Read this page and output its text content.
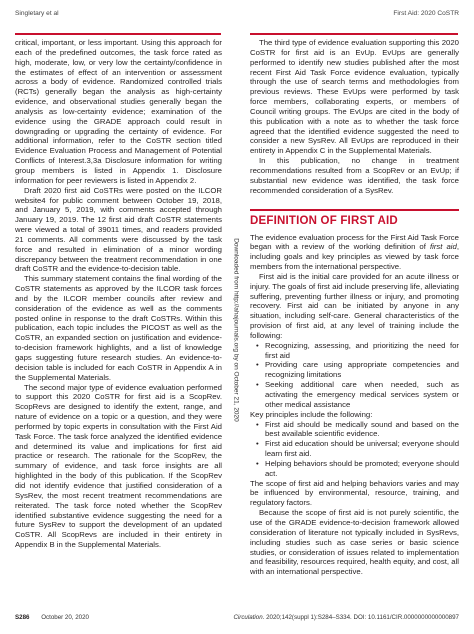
Singletary et al	First Aid: 2020 CoSTR

critical, important, or less important. Using this approach for each of the predefined outcomes, the task force rated as high, moderate, low, or very low the certainty/confidence in the estimates of effect of an intervention or assessment across a body of evidence. Randomized controlled trials (RCTs) generally began the analysis as high-certainty evidence, and observational studies generally began the analysis as low-certainty evidence; examination of the evidence using the GRADE approach could result in downgrading or upgrading the certainty of evidence. For additional information, refer to the CoSTR section titled Evidence Evaluation Process and Management of Potential Conflicts of Interest.3,3a Disclosure information for writing group members is listed in Appendix 1. Disclosure information for peer reviewers is listed in Appendix 2.

Draft 2020 first aid CoSTRs were posted on the ILCOR website4 for public comment between October 19, 2018, and January 5, 2019, with comments accepted through January 19, 2019. The 12 first aid draft CoSTR statements were viewed a total of 39011 times, and readers provided 21 comments. All comments were discussed by the task force and resulted in elimination of a minor wording discrepancy between the treatment recommendation in one draft CoSTR and the evidence-to-decision table.

This summary statement contains the final wording of the CoSTR statements as approved by the ILCOR task forces and by the ILCOR member councils after review and consideration of the evidence as well as the comments posted online in response to the draft CoSTRs. Within this publication, each topic includes the PICOST as well as the CoSTR, an expanded section on justification and evidence-to-decision framework highlights, and a list of knowledge gaps suggesting future research studies. An evidence-to-decision table is included for each CoSTR in Appendix A in the Supplemental Materials.

The second major type of evidence evaluation performed to support this 2020 CoSTR for first aid is a ScopRev. ScopRevs are designed to identify the extent, range, and nature of evidence on a topic or a question, and they were performed by topic experts in consultation with the First Aid Task Force. The task force analyzed the identified evidence and determined its value and implications for first aid practice or research. The rationale for the ScopRev, the summary of evidence, and task force insights are all highlighted in the body of this publication. If the ScopRev did not identify evidence that justified consideration of a SysRev, the most recent treatment recommendations are reiterated. The task force noted whether the ScopRev identified substantive evidence suggesting the need for a future SysRev to support the development of an updated CoSTR. All ScopRevs are included in their entirety in Appendix B in the Supplemental Materials.

Downloaded from http://ahajournals.org by on October 21, 2020

The third type of evidence evaluation supporting this 2020 CoSTR for first aid is an EvUp. EvUps are generally performed to identify new studies published after the most recent First Aid Task Force evidence evaluation, typically through the use of search terms and methodologies from previous reviews. These EvUps were performed by task force members, collaborating experts, or members of Council writing groups. The EvUps are cited in the body of this publication with a note as to whether the task force agreed that the identified evidence suggested the need to consider a new SysRev. All EvUps are reproduced in their entirety in Appendix C in the Supplemental Materials.

In this publication, no change in treatment recommendations resulted from a ScopRev or an EvUp; if substantial new evidence was identified, the task force recommended consideration of a SysRev.

DEFINITION OF FIRST AID

The evidence evaluation process for the First Aid Task Force began with a review of the working definition of first aid, including goals and key principles as viewed by task force members from the international perspective.

First aid is the initial care provided for an acute illness or injury. The goals of first aid include preserving life, alleviating suffering, preventing further illness or injury, and promoting recovery. First aid can be initiated by anyone in any situation, including self-care. General characteristics of the provision of first aid, at any level of training include the following:

• Recognizing, assessing, and prioritizing the need for first aid
• Providing care using appropriate competencies and recognizing limitations
• Seeking additional care when needed, such as activating the emergency medical services system or other medical assistance

Key principles include the following:

• First aid should be medically sound and based on the best available scientific evidence.
• First aid education should be universal; everyone should learn first aid.
• Helping behaviors should be promoted; everyone should act.

The scope of first aid and helping behaviors varies and may be influenced by environmental, resource, training, and regulatory factors.

Because the scope of first aid is not purely scientific, the use of the GRADE evidence-to-decision framework allowed consideration of literature not typically included in SysRevs, including studies such as case series or basic science studies, or consideration of issues related to implementation and feasibility, resources required, health equity, and cost, all with an international perspective.

S286 October 20, 2020	Circulation. 2020;142(suppl 1):S284–S334. DOI: 10.1161/CIR.0000000000000897
